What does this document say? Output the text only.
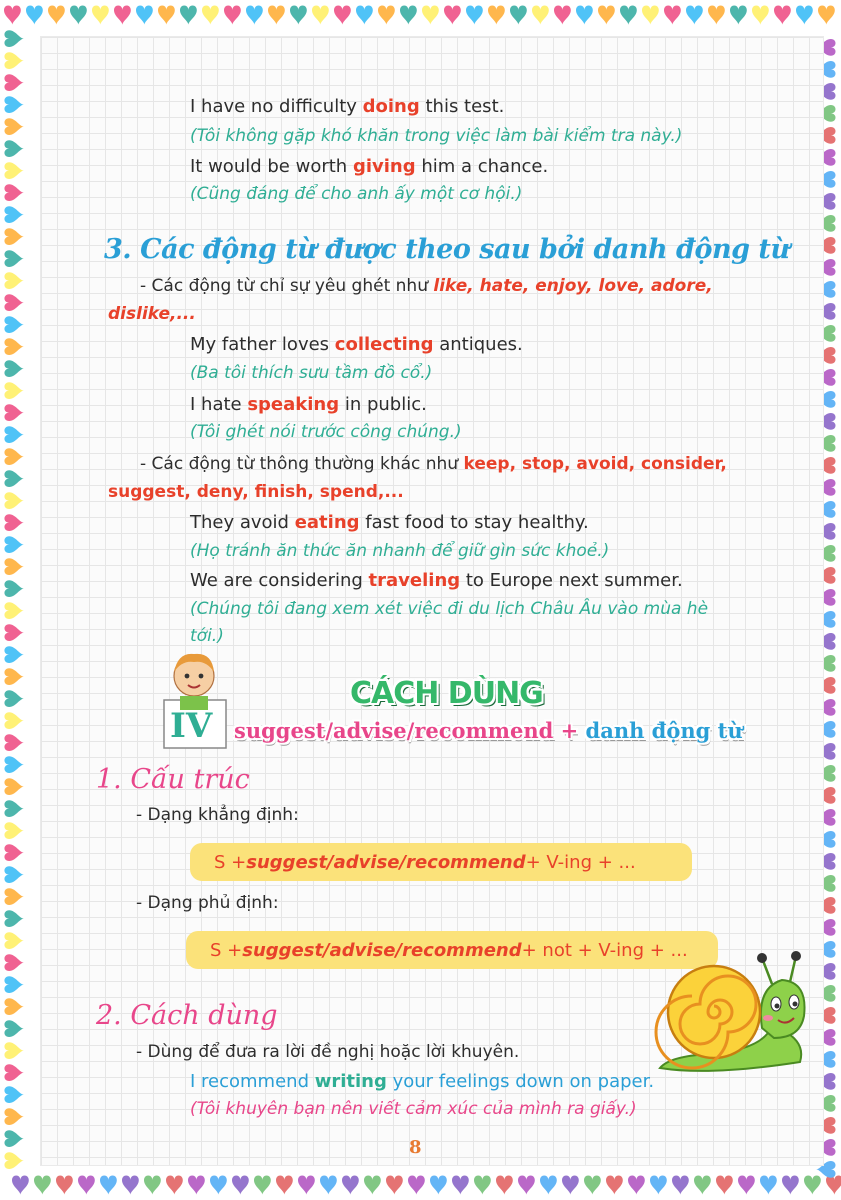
I have no difficulty doing this test.
(Tôi không gặp khó khăn trong việc làm bài kiểm tra này.)
It would be worth giving him a chance.
(Cũng đáng để cho anh ấy một cơ hội.)
3. Các động từ được theo sau bởi danh động từ
- Các động từ chỉ sự yêu ghét như like, hate, enjoy, love, adore,
dislike,...
My father loves collecting antiques.
(Ba tôi thích sưu tầm đồ cổ.)
I hate speaking in public.
(Tôi ghét nói trước công chúng.)
- Các động từ thông thường khác như keep, stop, avoid, consider,
suggest, deny, finish, spend,...
They avoid eating fast food to stay healthy.
(Họ tránh ăn thức ăn nhanh để giữ gìn sức khoẻ.)
We are considering traveling to Europe next summer.
(Chúng tôi đang xem xét việc đi du lịch Châu Âu vào mùa hè
tới.)
IV
CÁCH DÙNG
suggest/advise/recommend + danh động từ
1. Cấu trúc
- Dạng khẳng định:
S + suggest/advise/recommend + V-ing + ...
- Dạng phủ định:
S + suggest/advise/recommend + not + V-ing + ...
2. Cách dùng
- Dùng để đưa ra lời đề nghị hoặc lời khuyên.
I recommend writing your feelings down on paper.
(Tôi khuyên bạn nên viết cảm xúc của mình ra giấy.)
8
